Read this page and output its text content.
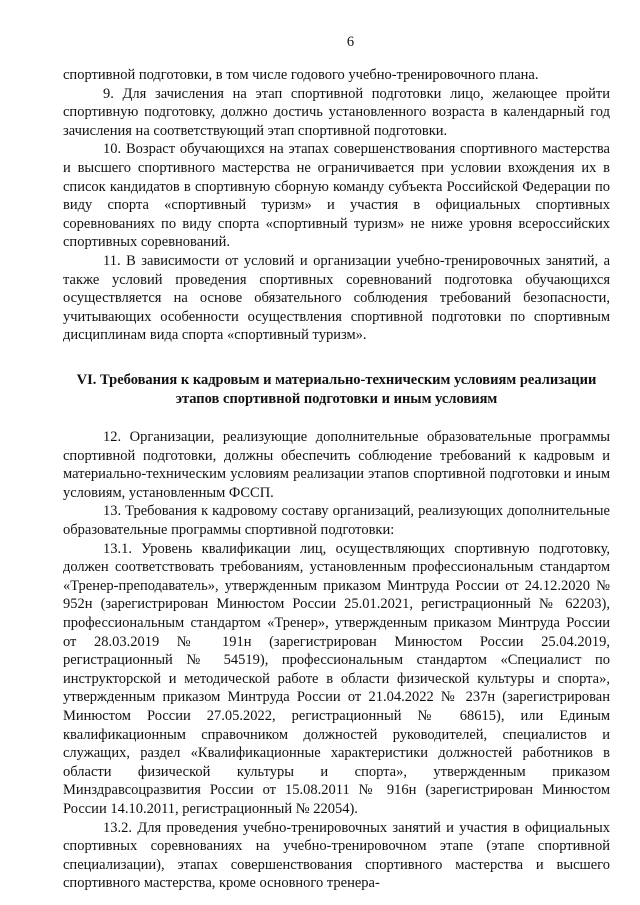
6

спортивной подготовки, в том числе годового учебно-тренировочного плана.

9. Для зачисления на этап спортивной подготовки лицо, желающее пройти спортивную подготовку, должно достичь установленного возраста в календарный год зачисления на соответствующий этап спортивной подготовки.

10. Возраст обучающихся на этапах совершенствования спортивного мастерства и высшего спортивного мастерства не ограничивается при условии вхождения их в список кандидатов в спортивную сборную команду субъекта Российской Федерации по виду спорта «спортивный туризм» и участия в официальных спортивных соревнованиях по виду спорта «спортивный туризм» не ниже уровня всероссийских спортивных соревнований.

11. В зависимости от условий и организации учебно-тренировочных занятий, а также условий проведения спортивных соревнований подготовка обучающихся осуществляется на основе обязательного соблюдения требований безопасности, учитывающих особенности осуществления спортивной подготовки по спортивным дисциплинам вида спорта «спортивный туризм».

VI. Требования к кадровым и материально-техническим условиям реализации этапов спортивной подготовки и иным условиям

12. Организации, реализующие дополнительные образовательные программы спортивной подготовки, должны обеспечить соблюдение требований к кадровым и материально-техническим условиям реализации этапов спортивной подготовки и иным условиям, установленным ФССП.

13. Требования к кадровому составу организаций, реализующих дополнительные образовательные программы спортивной подготовки:

13.1. Уровень квалификации лиц, осуществляющих спортивную подготовку, должен соответствовать требованиям, установленным профессиональным стандартом «Тренер-преподаватель», утвержденным приказом Минтруда России от 24.12.2020 № 952н (зарегистрирован Минюстом России 25.01.2021, регистрационный № 62203), профессиональным стандартом «Тренер», утвержденным приказом Минтруда России от 28.03.2019 № 191н (зарегистрирован Минюстом России 25.04.2019, регистрационный № 54519), профессиональным стандартом «Специалист по инструкторской и методической работе в области физической культуры и спорта», утвержденным приказом Минтруда России от 21.04.2022 № 237н (зарегистрирован Минюстом России 27.05.2022, регистрационный № 68615), или Единым квалификационным справочником должностей руководителей, специалистов и служащих, раздел «Квалификационные характеристики должностей работников в области физической культуры и спорта», утвержденным приказом Минздравсоцразвития России от 15.08.2011 № 916н (зарегистрирован Минюстом России 14.10.2011, регистрационный № 22054).

13.2. Для проведения учебно-тренировочных занятий и участия в официальных спортивных соревнованиях на учебно-тренировочном этапе (этапе спортивной специализации), этапах совершенствования спортивного мастерства и высшего спортивного мастерства, кроме основного тренера-
